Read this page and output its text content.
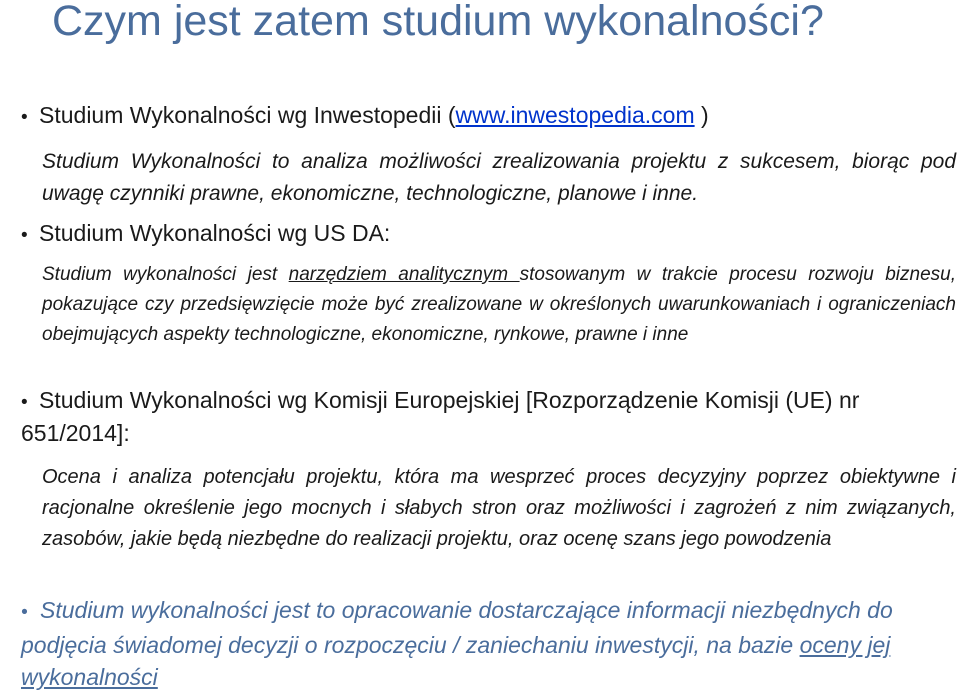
Czym jest zatem studium wykonalności?
• Studium Wykonalności wg Inwestopedii (www.inwestopedia.com )

Studium Wykonalności to analiza możliwości zrealizowania projektu z sukcesem, biorąc pod uwagę czynniki prawne, ekonomiczne, technologiczne, planowe i inne.

• Studium Wykonalności wg US DA:

Studium wykonalności jest narzędziem analitycznym stosowanym w trakcie procesu rozwoju biznesu, pokazujące czy przedsięwzięcie może być zrealizowane w określonych uwarunkowaniach i ograniczeniach obejmujących aspekty technologiczne, ekonomiczne, rynkowe, prawne i inne

• Studium Wykonalności wg Komisji Europejskiej [Rozporządzenie Komisji (UE) nr 651/2014]:

Ocena i analiza potencjału projektu, która ma wesprzeć proces decyzyjny poprzez obiektywne i racjonalne określenie jego mocnych i słabych stron oraz możliwości i zagrożeń z nim związanych, zasobów, jakie będą niezbędne do realizacji projektu, oraz ocenę szans jego powodzenia

• Studium wykonalności jest to opracowanie dostarczające informacji niezbędnych do podjęcia świadomej decyzji o rozpoczęciu / zaniechaniu inwestycji, na bazie oceny jej wykonalności
